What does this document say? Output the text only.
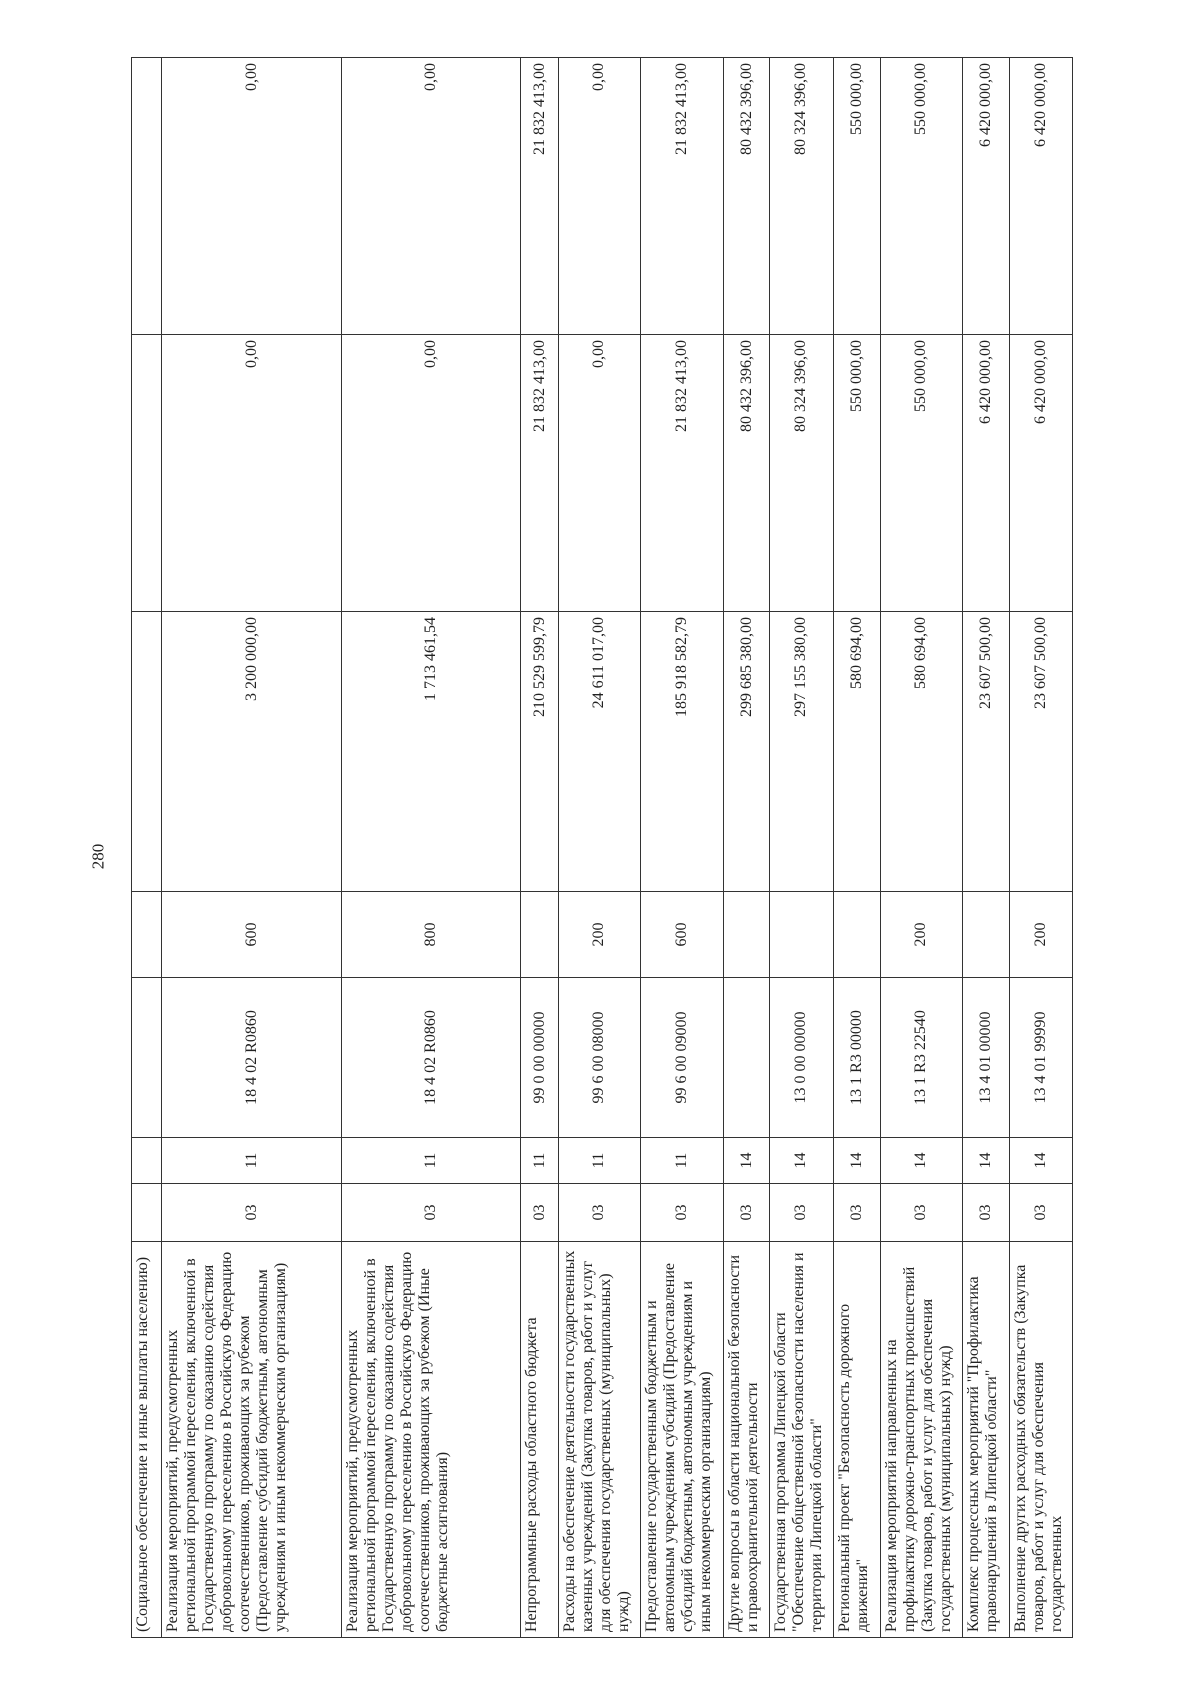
280
(Социальное обеспечение и иные выплаты населению)							
Реализация мероприятий, предусмотренных региональной программой переселения, включенной в Государственную программу по оказанию содействия добровольному переселению в Российскую Федерацию соотечественников, проживающих за рубежом (Предоставление субсидий бюджетным, автономным учреждениям и иным некоммерческим организациям)	03	11	18 4 02 R0860	600	3 200 000,00	0,00	0,00
Реализация мероприятий, предусмотренных региональной программой переселения, включенной в Государственную программу по оказанию содействия добровольному переселению в Российскую Федерацию соотечественников, проживающих за рубежом (Иные бюджетные ассигнования)	03	11	18 4 02 R0860	800	1 713 461,54	0,00	0,00
Непрограммные расходы областного бюджета	03	11	99 0 00 00000		210 529 599,79	21 832 413,00	21 832 413,00
Расходы на обеспечение деятельности государственных казенных учреждений (Закупка товаров, работ и услуг для обеспечения государственных (муниципальных) нужд)	03	11	99 6 00 08000	200	24 611 017,00	0,00	0,00
Предоставление государственным бюджетным и автономным учреждениям субсидий (Предоставление субсидий бюджетным, автономным учреждениям и иным некоммерческим организациям)	03	11	99 6 00 09000	600	185 918 582,79	21 832 413,00	21 832 413,00
Другие вопросы в области национальной безопасности и правоохранительной деятельности	03	14			299 685 380,00	80 432 396,00	80 432 396,00
Государственная программа Липецкой области "Обеспечение общественной безопасности населения и территории Липецкой области"	03	14	13 0 00 00000		297 155 380,00	80 324 396,00	80 324 396,00
Региональный проект "Безопасность дорожного движения"	03	14	13 1 R3 00000		580 694,00	550 000,00	550 000,00
Реализация мероприятий направленных на профилактику дорожно-транспортных происшествий (Закупка товаров, работ и услуг для обеспечения государственных (муниципальных) нужд)	03	14	13 1 R3 22540	200	580 694,00	550 000,00	550 000,00
Комплекс процессных мероприятий "Профилактика правонарушений в Липецкой области"	03	14	13 4 01 00000		23 607 500,00	6 420 000,00	6 420 000,00
Выполнение других расходных обязательств (Закупка товаров, работ и услуг для обеспечения государственных	03	14	13 4 01 99990	200	23 607 500,00	6 420 000,00	6 420 000,00
